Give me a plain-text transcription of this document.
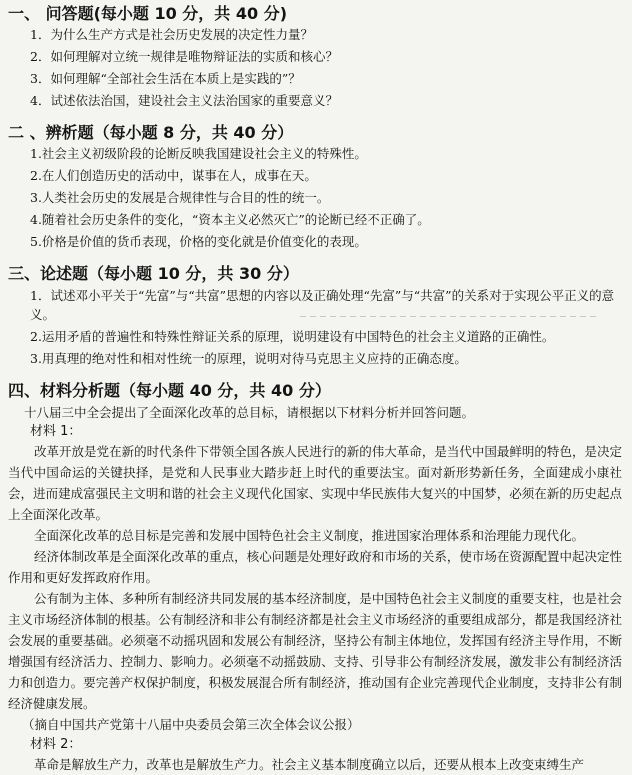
一、 问答题(每小题 10 分，共 40 分)
1．为什么生产方式是社会历史发展的决定性力量？
2．如何理解对立统一规律是唯物辩证法的实质和核心？
3．如何理解“全部社会生活在本质上是实践的”？
4．试述依法治国，建设社会主义法治国家的重要意义？
二 、辨析题（每小题 8 分，共 40 分）
1.社会主义初级阶段的论断反映我国建设社会主义的特殊性。
2.在人们创造历史的活动中，谋事在人，成事在天。
3.人类社会历史的发展是合规律性与合目的性的统一。
4.随着社会历史条件的变化，“资本主义必然灭亡”的论断已经不正确了。
5.价格是价值的货币表现，价格的变化就是价值变化的表现。
三、论述题（每小题 10 分，共 30 分）
1．试述邓小平关于“先富”与“共富”思想的内容以及正确处理“先富”与“共富”的关系对于实现公平正义的意义。
2.运用矛盾的普遍性和特殊性辩证关系的原理，说明建设有中国特色的社会主义道路的正确性。
3.用真理的绝对性和相对性统一的原理，说明对待马克思主义应持的正确态度。
四、材料分析题（每小题 40 分，共 40 分）
十八届三中全会提出了全面深化改革的总目标，请根据以下材料分析并回答问题。
材料 1：

改革开放是党在新的时代条件下带领全国各族人民进行的新的伟大革命，是当代中国最鲜明的特色，是决定当代中国命运的关键抉择，是党和人民事业大踏步赶上时代的重要法宝。面对新形势新任务，全面建成小康社会，进而建成富强民主文明和谐的社会主义现代化国家、实现中华民族伟大复兴的中国梦，必须在新的历史起点上全面深化改革。

全面深化改革的总目标是完善和发展中国特色社会主义制度，推进国家治理体系和治理能力现代化。

经济体制改革是全面深化改革的重点，核心问题是处理好政府和市场的关系，使市场在资源配置中起决定性作用和更好发挥政府作用。

公有制为主体、多种所有制经济共同发展的基本经济制度，是中国特色社会主义制度的重要支柱，也是社会主义市场经济体制的根基。公有制经济和非公有制经济都是社会主义市场经济的重要组成部分，都是我国经济社会发展的重要基础。必须毫不动摇巩固和发展公有制经济，坚持公有制主体地位，发挥国有经济主导作用，不断增强国有经济活力、控制力、影响力。必须毫不动摇鼓励、支持、引导非公有制经济发展，激发非公有制经济活力和创造力。要完善产权保护制度，积极发展混合所有制经济，推动国有企业完善现代企业制度，支持非公有制经济健康发展。

（摘自中国共产党第十八届中央委员会第三次全体会议公报）
材料 2：

革命是解放生产力，改革也是解放生产力。社会主义基本制度确立以后，还要从根本上改变束缚生产
